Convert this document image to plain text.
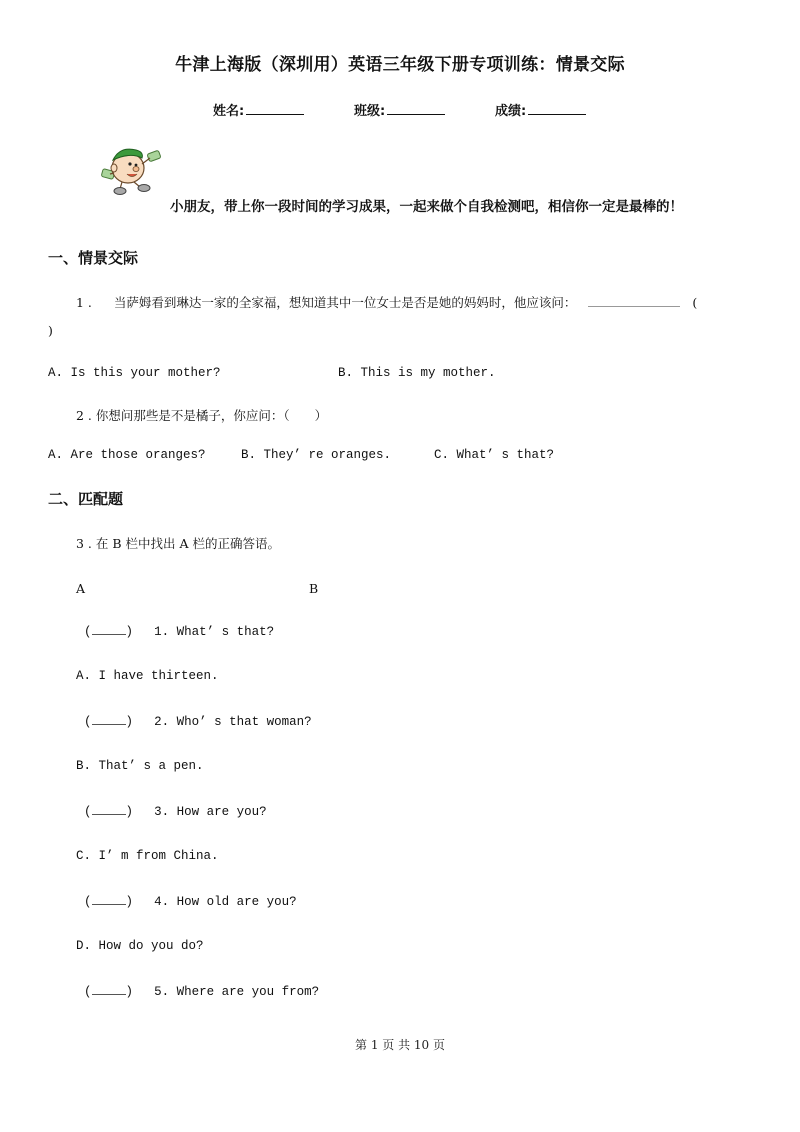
牛津上海版（深圳用）英语三年级下册专项训练：情景交际
姓名:	班级:	成绩:
小朋友，带上你一段时间的学习成果，一起来做个自我检测吧，相信你一定是最棒的！
一、情景交际
1 . 当萨姆看到琳达一家的全家福，想知道其中一位女士是否是她的妈妈时，他应该问：	(
)
A. Is this your mother?	B. This is my mother.
2 . 你想问那些是不是橘子，你应问：（　　）
A. Are those oranges?	B. They’ re oranges.	C. What’ s that?
二、匹配题
3 . 在 B 栏中找出 A 栏的正确答语。
A	B
(	) 1. What’ s that?
A. I have thirteen.
(	) 2. Who’ s that woman?
B. That’ s a pen.
(	) 3. How are you?
C. I’ m from China.
(	) 4. How old are you?
D. How do you do?
(	) 5. Where are you from?
第 1 页 共 10 页
